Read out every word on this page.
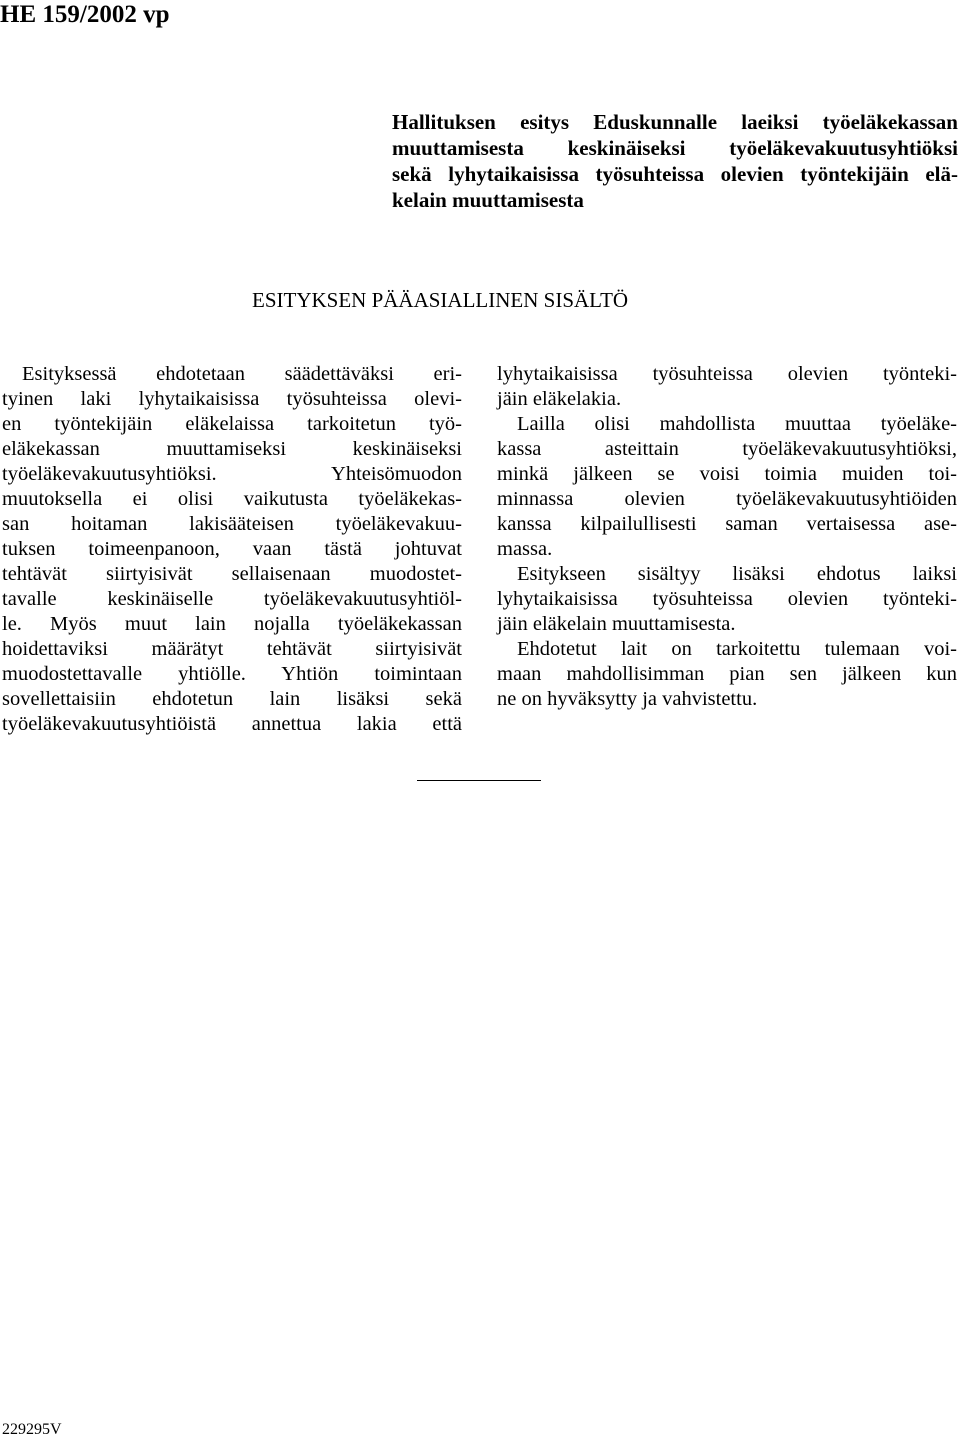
HE 159/2002 vp
Hallituksen esitys Eduskunnalle laeiksi työeläkekassan
muuttamisesta keskinäiseksi työeläkevakuutusyhtiöksi
sekä lyhytaikaisissa työsuhteissa olevien työntekijäin elä-
kelain muuttamisesta
ESITYKSEN PÄÄASIALLINEN SISÄLTÖ
Esityksessä ehdotetaan säädettäväksi eri-
tyinen laki lyhytaikaisissa työsuhteissa olevi-
en työntekijäin eläkelaissa tarkoitetun työ-
eläkekassan muuttamiseksi keskinäiseksi
työeläkevakuutusyhtiöksi. Yhteisömuodon
muutoksella ei olisi vaikutusta työeläkekas-
san hoitaman lakisääteisen työeläkevakuu-
tuksen toimeenpanoon, vaan tästä johtuvat
tehtävät siirtyisivät sellaisenaan muodostet-
tavalle keskinäiselle työeläkevakuutusyhtiöl-
le. Myös muut lain nojalla työeläkekassan
hoidettaviksi määrätyt tehtävät siirtyisivät
muodostettavalle yhtiölle. Yhtiön toimintaan
sovellettaisiin ehdotetun lain lisäksi sekä
työeläkevakuutusyhtiöistä annettua lakia että
lyhytaikaisissa työsuhteissa olevien työnteki-
jäin eläkelakia.
Lailla olisi mahdollista muuttaa työeläke-
kassa asteittain työeläkevakuutusyhtiöksi,
minkä jälkeen se voisi toimia muiden toi-
minnassa olevien työeläkevakuutusyhtiöiden
kanssa kilpailullisesti saman vertaisessa ase-
massa.
Esitykseen sisältyy lisäksi ehdotus laiksi
lyhytaikaisissa työsuhteissa olevien työnteki-
jäin eläkelain muuttamisesta.
Ehdotetut lait on tarkoitettu tulemaan voi-
maan mahdollisimman pian sen jälkeen kun
ne on hyväksytty ja vahvistettu.
229295V
